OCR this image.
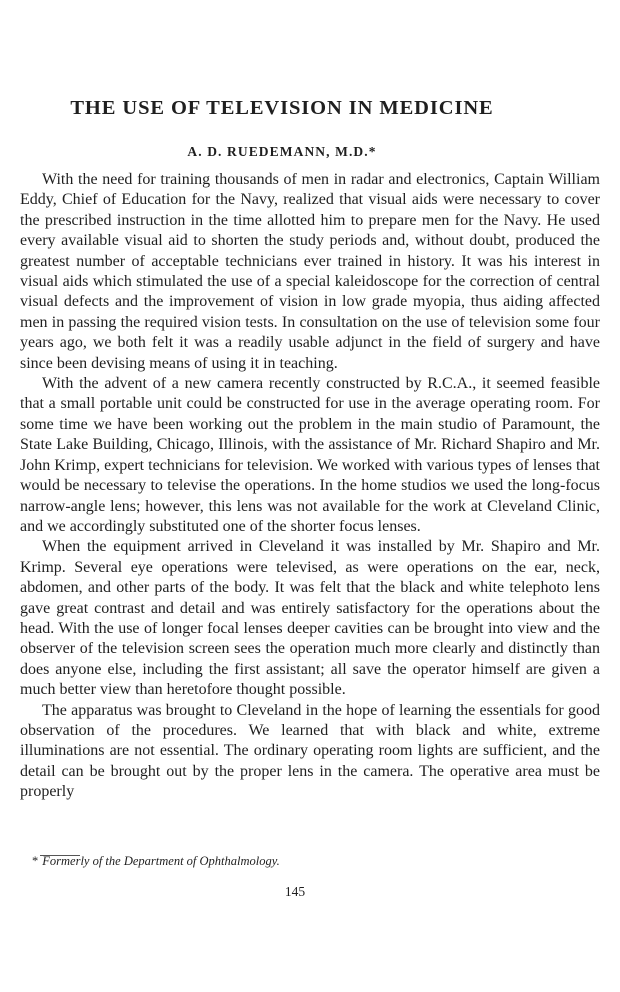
THE USE OF TELEVISION IN MEDICINE
A. D. RUEDEMANN, M.D.*

With the need for training thousands of men in radar and electronics, Captain William Eddy, Chief of Education for the Navy, realized that visual aids were necessary to cover the prescribed instruction in the time allotted him to prepare men for the Navy. He used every available visual aid to shorten the study periods and, without doubt, produced the greatest number of acceptable technicians ever trained in history. It was his interest in visual aids which stimulated the use of a special kaleidoscope for the correction of central visual defects and the improvement of vision in low grade myopia, thus aiding affected men in passing the required vision tests. In consultation on the use of television some four years ago, we both felt it was a readily usable adjunct in the field of surgery and have since been devising means of using it in teaching.

With the advent of a new camera recently constructed by R.C.A., it seemed feasible that a small portable unit could be constructed for use in the average operating room. For some time we have been working out the problem in the main studio of Paramount, the State Lake Building, Chicago, Illinois, with the assistance of Mr. Richard Shapiro and Mr. John Krimp, expert technicians for television. We worked with various types of lenses that would be necessary to televise the operations. In the home studios we used the long-focus narrow-angle lens; however, this lens was not available for the work at Cleveland Clinic, and we accordingly substituted one of the shorter focus lenses.

When the equipment arrived in Cleveland it was installed by Mr. Shapiro and Mr. Krimp. Several eye operations were televised, as were operations on the ear, neck, abdomen, and other parts of the body. It was felt that the black and white telephoto lens gave great contrast and detail and was entirely satisfactory for the operations about the head. With the use of longer focal lenses deeper cavities can be brought into view and the observer of the television screen sees the operation much more clearly and distinctly than does anyone else, including the first assistant; all save the operator himself are given a much better view than heretofore thought possible.

The apparatus was brought to Cleveland in the hope of learning the essentials for good observation of the procedures. We learned that with black and white, extreme illuminations are not essential. The ordinary operating room lights are sufficient, and the detail can be brought out by the proper lens in the camera. The operative area must be properly

* Formerly of the Department of Ophthalmology.
145
